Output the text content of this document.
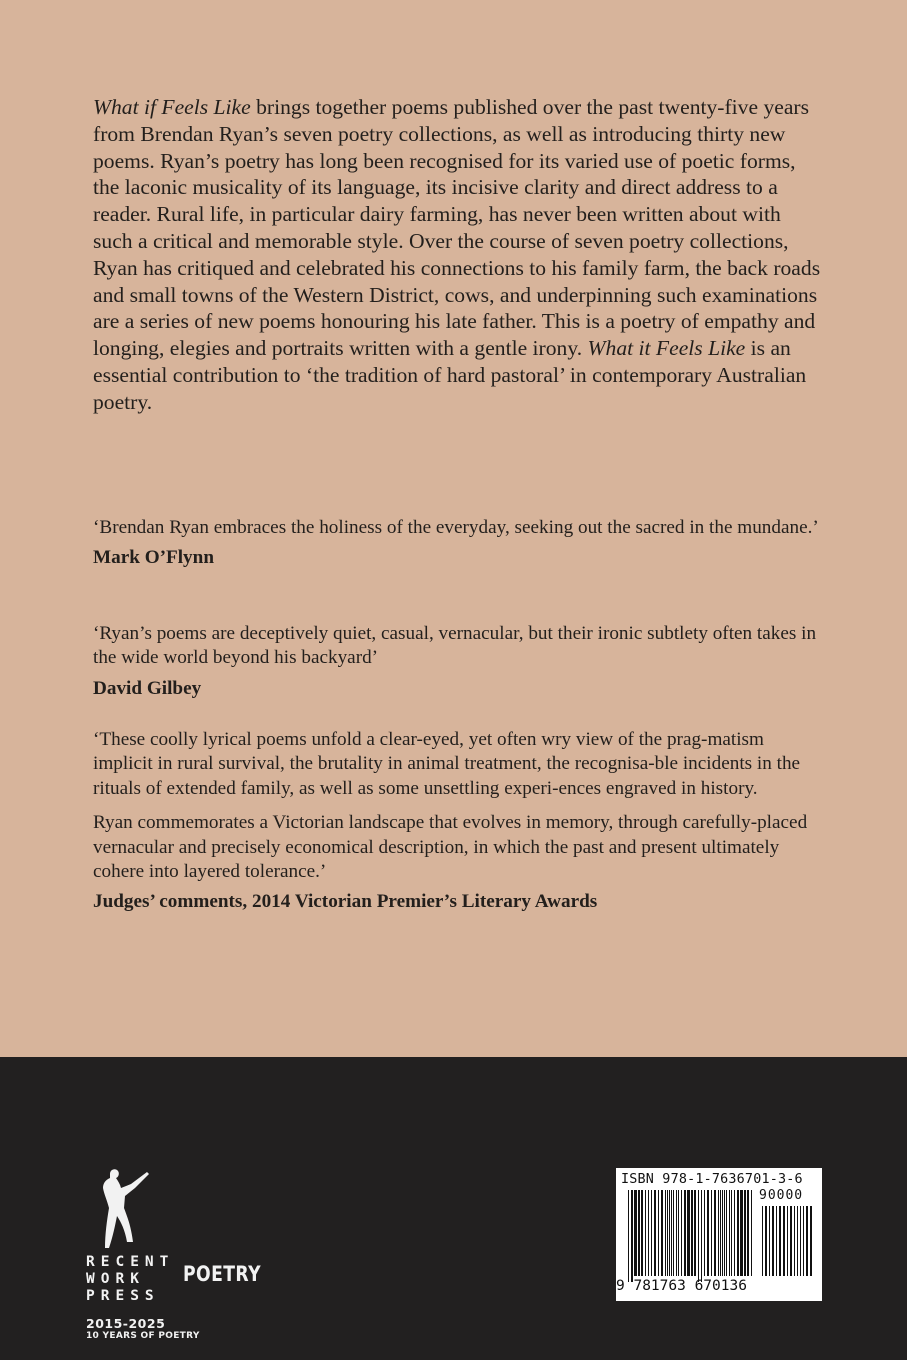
What if Feels Like brings together poems published over the past twenty-five years from Brendan Ryan’s seven poetry collections, as well as introducing thirty new poems. Ryan’s poetry has long been recognised for its varied use of poetic forms, the laconic musicality of its language, its incisive clarity and direct address to a reader. Rural life, in particular dairy farming, has never been written about with such a critical and memorable style. Over the course of seven poetry collections, Ryan has critiqued and celebrated his connections to his family farm, the back roads and small towns of the Western District, cows, and underpinning such examinations are a series of new poems honouring his late father. This is a poetry of empathy and longing, elegies and portraits written with a gentle irony. What it Feels Like is an essential contribution to ‘the tradition of hard pastoral’ in contemporary Australian poetry.

‘Brendan Ryan embraces the holiness of the everyday, seeking out the sacred in the mundane.’

Mark O’Flynn

‘Ryan’s poems are deceptively quiet, casual, vernacular, but their ironic subtlety often takes in the wide world beyond his backyard’

David Gilbey

‘These coolly lyrical poems unfold a clear-eyed, yet often wry view of the prag-matism implicit in rural survival, the brutality in animal treatment, the recognisa-ble incidents in the rituals of extended family, as well as some unsettling experi-ences engraved in history.

Ryan commemorates a Victorian landscape that evolves in memory, through carefully-placed vernacular and precisely economical description, in which the past and present ultimately cohere into layered tolerance.’

Judges’ comments, 2014 Victorian Premier’s Literary Awards

RECENT
WORK
PRESS
2015-2025
10 YEARS OF POETRY
POETRY
ISBN 978-1-7636701-3-6
90000
9 781763 670136
